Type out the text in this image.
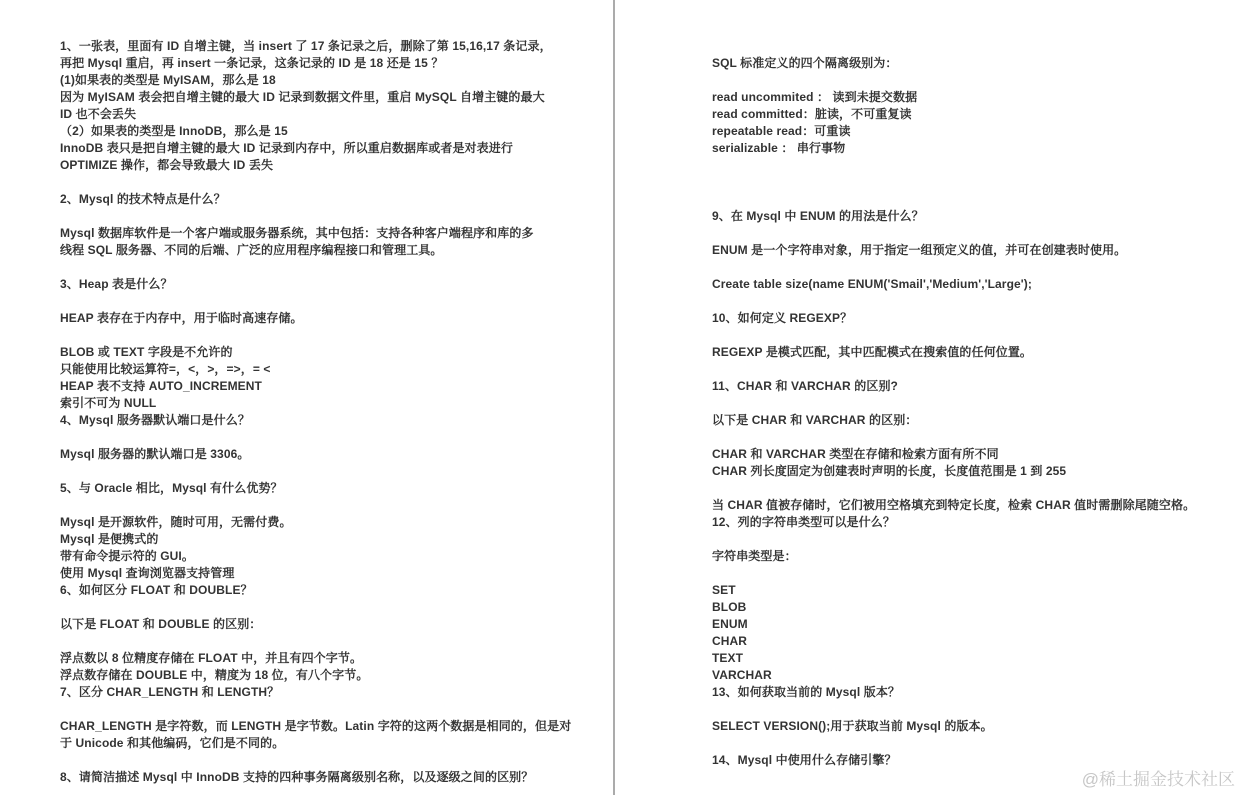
1、一张表，里面有 ID 自增主键，当 insert 了 17 条记录之后，删除了第 15,16,17 条记录，
再把 Mysql 重启，再 insert 一条记录，这条记录的 ID 是 18 还是 15 ？
(1)如果表的类型是 MyISAM，那么是 18
因为 MyISAM 表会把自增主键的最大 ID 记录到数据文件里，重启 MySQL 自增主键的最大
ID 也不会丢失
（2）如果表的类型是 InnoDB，那么是 15
InnoDB 表只是把自增主键的最大 ID 记录到内存中，所以重启数据库或者是对表进行
OPTIMIZE 操作，都会导致最大 ID 丢失
2、Mysql 的技术特点是什么？
Mysql 数据库软件是一个客户端或服务器系统，其中包括：支持各种客户端程序和库的多
线程 SQL 服务器、不同的后端、广泛的应用程序编程接口和管理工具。
3、Heap 表是什么？
HEAP 表存在于内存中，用于临时高速存储。
BLOB 或 TEXT 字段是不允许的
只能使用比较运算符=，<，>，=>，= <
HEAP 表不支持 AUTO_INCREMENT
索引不可为 NULL
4、Mysql 服务器默认端口是什么？
Mysql 服务器的默认端口是 3306。
5、与 Oracle 相比，Mysql 有什么优势？
Mysql 是开源软件，随时可用，无需付费。
Mysql 是便携式的
带有命令提示符的 GUI。
使用 Mysql 查询浏览器支持管理
6、如何区分 FLOAT 和 DOUBLE？
以下是 FLOAT 和 DOUBLE 的区别：
浮点数以 8 位精度存储在 FLOAT 中，并且有四个字节。
浮点数存储在 DOUBLE 中，精度为 18 位，有八个字节。
7、区分 CHAR_LENGTH 和 LENGTH？
CHAR_LENGTH 是字符数，而 LENGTH 是字节数。Latin 字符的这两个数据是相同的，但是对
于 Unicode 和其他编码，它们是不同的。
8、请简洁描述 Mysql 中 InnoDB 支持的四种事务隔离级别名称，以及逐级之间的区别？
SQL 标准定义的四个隔离级别为：
read uncommited ： 读到未提交数据
read committed：脏读，不可重复读
repeatable read：可重读
serializable ： 串行事物
9、在 Mysql 中 ENUM 的用法是什么？
ENUM 是一个字符串对象，用于指定一组预定义的值，并可在创建表时使用。
Create table size(name ENUM('Smail','Medium','Large');
10、如何定义 REGEXP？
REGEXP 是模式匹配，其中匹配模式在搜索值的任何位置。
11、CHAR 和 VARCHAR 的区别?
以下是 CHAR 和 VARCHAR 的区别：
CHAR 和 VARCHAR 类型在存储和检索方面有所不同
CHAR 列长度固定为创建表时声明的长度，长度值范围是 1 到 255
当 CHAR 值被存储时，它们被用空格填充到特定长度，检索 CHAR 值时需删除尾随空格。
12、列的字符串类型可以是什么？
字符串类型是：
SET
BLOB
ENUM
CHAR
TEXT
VARCHAR
13、如何获取当前的 Mysql 版本？
SELECT VERSION();用于获取当前 Mysql 的版本。
14、Mysql 中使用什么存储引擎？
@稀土掘金技术社区
